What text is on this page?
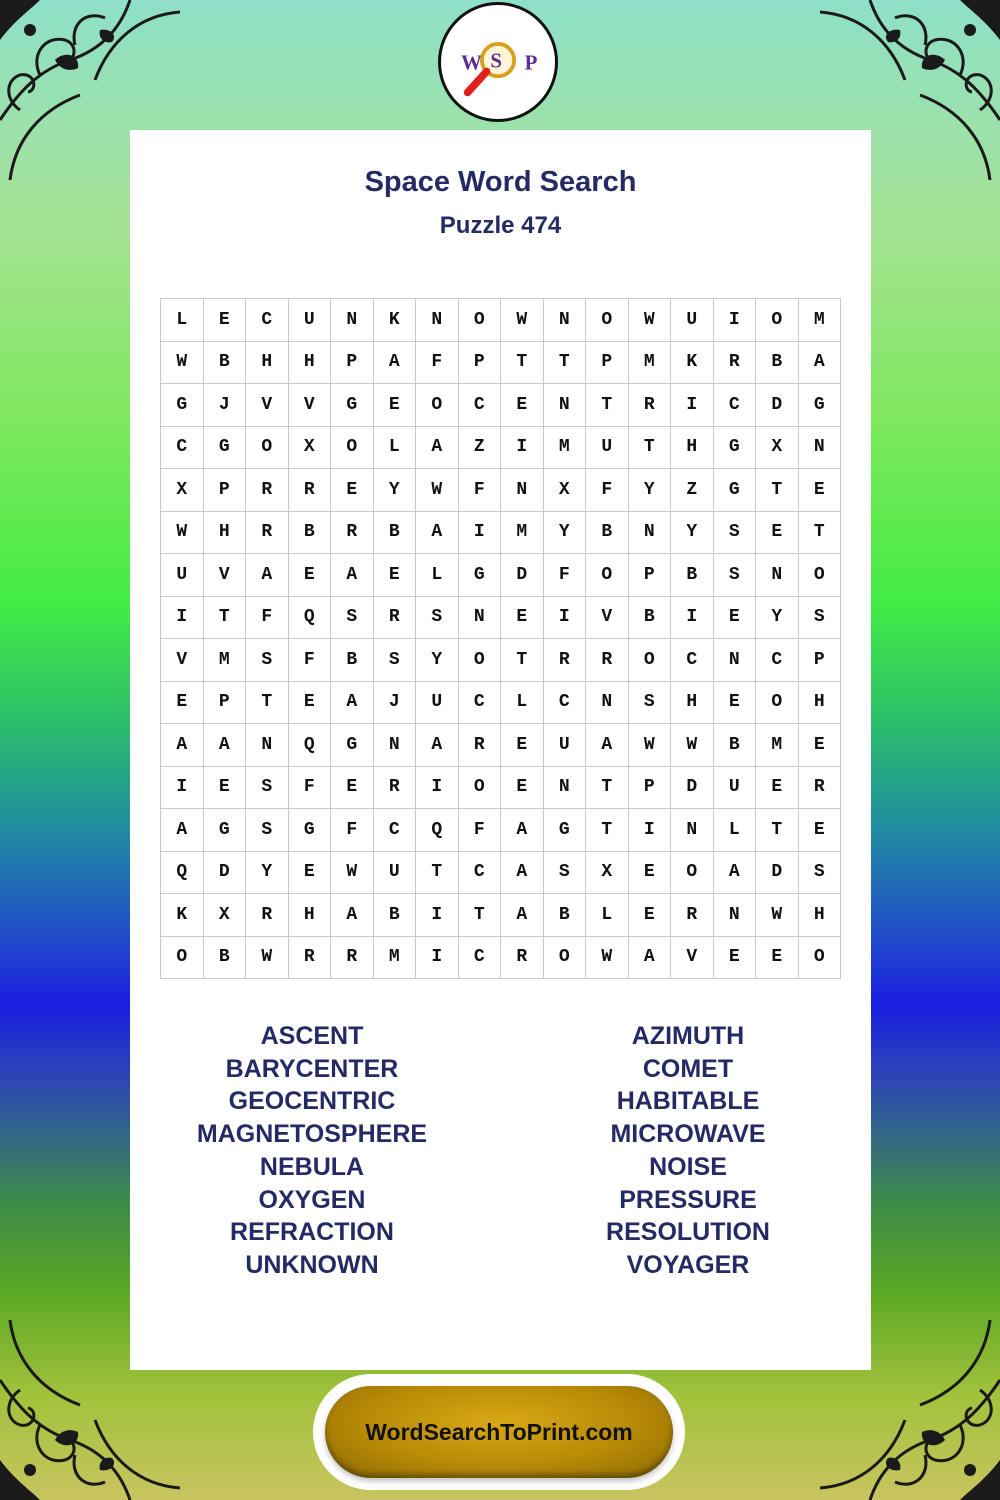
W S P
Space Word Search
Puzzle 474
L	E	C	U	N	K	N	O	W	N	O	W	U	I	O	M
W	B	H	H	P	A	F	P	T	T	P	M	K	R	B	A
G	J	V	V	G	E	O	C	E	N	T	R	I	C	D	G
C	G	O	X	O	L	A	Z	I	M	U	T	H	G	X	N
X	P	R	R	E	Y	W	F	N	X	F	Y	Z	G	T	E
W	H	R	B	R	B	A	I	M	Y	B	N	Y	S	E	T
U	V	A	E	A	E	L	G	D	F	O	P	B	S	N	O
I	T	F	Q	S	R	S	N	E	I	V	B	I	E	Y	S
V	M	S	F	B	S	Y	O	T	R	R	O	C	N	C	P
E	P	T	E	A	J	U	C	L	C	N	S	H	E	O	H
A	A	N	Q	G	N	A	R	E	U	A	W	W	B	M	E
I	E	S	F	E	R	I	O	E	N	T	P	D	U	E	R
A	G	S	G	F	C	Q	F	A	G	T	I	N	L	T	E
Q	D	Y	E	W	U	T	C	A	S	X	E	O	A	D	S
K	X	R	H	A	B	I	T	A	B	L	E	R	N	W	H
O	B	W	R	R	M	I	C	R	O	W	A	V	E	E	O
ASCENT
BARYCENTER
GEOCENTRIC
MAGNETOSPHERE
NEBULA
OXYGEN
REFRACTION
UNKNOWN
AZIMUTH
COMET
HABITABLE
MICROWAVE
NOISE
PRESSURE
RESOLUTION
VOYAGER
WordSearchToPrint.com
